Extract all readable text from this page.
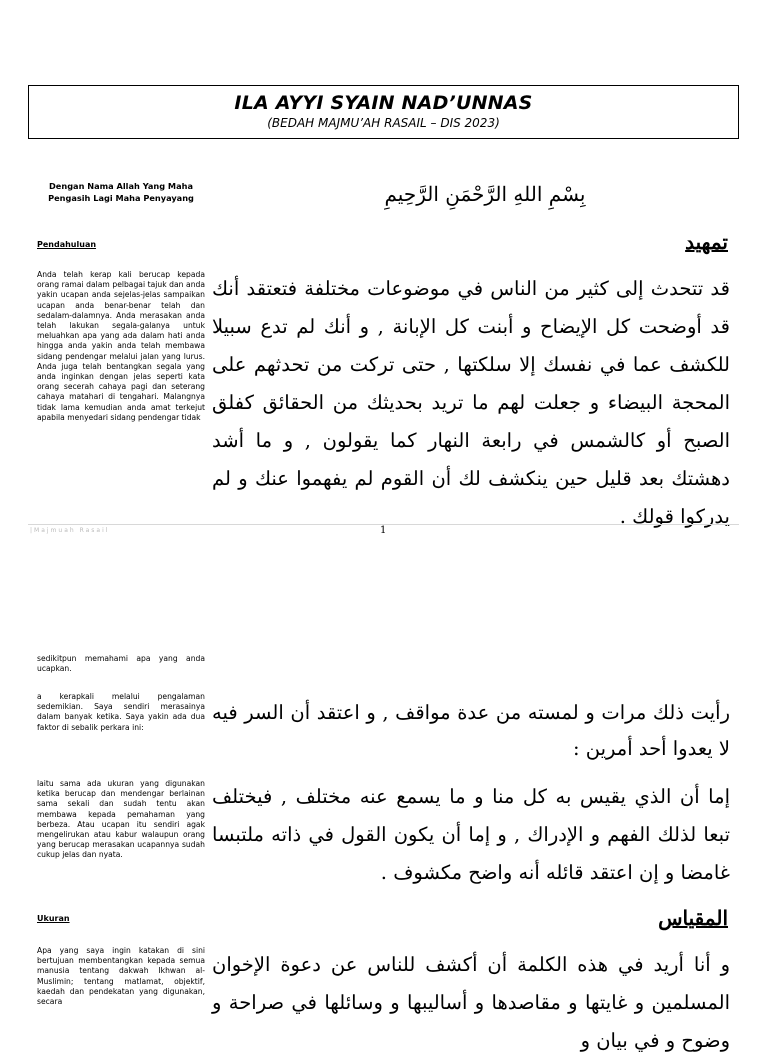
ILA AYYI SYAIN NAD’UNNAS
(BEDAH MAJMU’AH RASAIL – DIS 2023)
Dengan Nama Allah Yang Maha Pengasih Lagi Maha Penyayang	بِسْمِ اللهِ الرَّحْمَنِ الرَّحِيمِ
Pendahuluan

Anda telah kerap kali berucap kepada orang ramai dalam pelbagai tajuk dan anda yakin ucapan anda sejelas-jelas sampaikan ucapan anda benar-benar telah dan sedalam-dalamnya. Anda merasakan anda telah lakukan segala-galanya untuk meluahkan apa yang ada dalam hati anda hingga anda yakin anda telah membawa sidang pendengar melalui jalan yang lurus. Anda juga telah bentangkan segala yang anda inginkan dengan jelas seperti kata orang secerah cahaya pagi dan seterang cahaya matahari di tengahari. Malangnya tidak lama kemudian anda amat terkejut apabila menyedari sidang pendengar tidak

تمهيد

قد تتحدث إلى كثير من الناس في موضوعات مختلفة فتعتقد أنك قد أوضحت كل الإيضاح و أبنت كل الإبانة , و أنك لم تدع سبيلا للكشف عما في نفسك إلا سلكتها , حتى تركت من تحدثهم على المحجة البيضاء و جعلت لهم ما تريد بحديثك من الحقائق كفلق الصبح أو كالشمس في رابعة النهار كما يقولون , و ما أشد دهشتك بعد قليل حين ينكشف لك أن القوم لم يفهموا عنك و لم يدركوا قولك .

|Majmuah Rasail	1

sedikitpun memahami apa yang anda ucapkan.

a kerapkali melalui pengalaman sedemikian. Saya sendiri merasainya dalam banyak ketika. Saya yakin ada dua faktor di sebalik perkara ini:

laitu sama ada ukuran yang digunakan ketika berucap dan mendengar berlainan sama sekali dan sudah tentu akan membawa kepada pemahaman yang berbeza. Atau ucapan itu sendiri agak mengelirukan atau kabur walaupun orang yang berucap merasakan ucapannya sudah cukup jelas dan nyata.

Ukuran

Apa yang saya ingin katakan di sini bertujuan membentangkan kepada semua manusia tentang dakwah Ikhwan al-Muslimin; tentang matlamat, objektif, kaedah dan pendekatan yang digunakan, secara

رأيت ذلك مرات و لمسته من عدة مواقف , و اعتقد أن السر فيه لا يعدوا أحد أمرين :

إما أن الذي يقيس به كل منا و ما يسمع عنه مختلف , فيختلف تبعا لذلك الفهم و الإدراك , و إما أن يكون القول في ذاته ملتبسا غامضا و إن اعتقد قائله أنه واضح مكشوف .

المقياس

و أنا أريد في هذه الكلمة أن أكشف للناس عن دعوة الإخوان المسلمين و غايتها و مقاصدها و أساليبها و وسائلها في صراحة و وضوح و في بيان و
